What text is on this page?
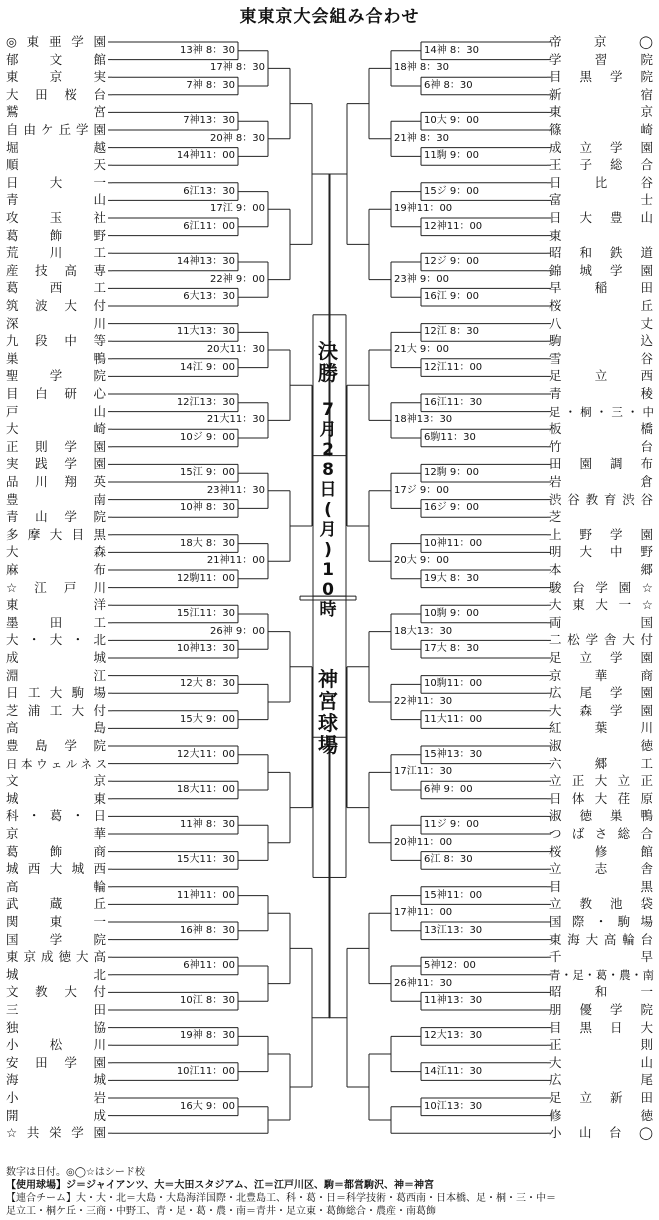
東東京大会組み合わせ
◎東亜学園
郁文館
東京実
大田桜台
鷲宮
自由ケ丘学園
堀越
順天
日大一
青山
攻玉社
葛飾野
荒川工
産技高専
葛西工
筑波大付
深川
九段中等
巣鴨
聖学院
目白研心
戸山
大崎
正則学園
実践学園
品川翔英
豊南
青山学院
多摩大目黒
大森
麻布
☆江戸川
東洋
墨田工
大・大・北
成城
淵江
日工大駒場
芝浦工大付
高島
豊島学院
日本ウェルネス
文京
城東
科・葛・日
京華
葛飾商
城西大城西
高輪
武蔵丘
関東一
国学院
東京成徳大高
城北
文教大付
三田
独協
小松川
安田学園
海城
小岩
開成
☆共栄学園
帝京◯
学習院
目黒学院
新宿
東京
篠崎
成立学園
王子総合
日比谷
富士
日大豊山
東
昭和鉄道
錦城学園
早稲田
桜丘
八丈
駒込
雪谷
足立西
青稜
足・桐・三・中
板橋
竹台
田園調布
岩倉
渋谷教育渋谷
芝
上野学園
明大中野
本郷
駿台学園☆
大東大一☆
両国
二松学舎大付
足立学園
京華商
広尾学園
大森学園
紅葉川
淑徳
六郷工
立正大立正
日体大荏原
淑徳巣鴨
つばさ総合
桜修館
立志舎
目黒
立教池袋
国際・駒場
東海大高輪台
千早
青・足・葛・農・南
昭和一
朋優学院
目黒日大
正則
大山
広尾
足立新田
修徳
小山台◯
13神 8：30
7神 8：30
7神13：30
14神11：00
6江13：30
6江11：00
14神13：30
6大13：30
11大13：30
14江 9：00
12江13：30
10ジ 9：00
15江 9：00
10神 8：30
18大 8：30
12駒11：00
15江11：30
10神13：30
12大 8：30
15大 9：00
12大11：00
18大11：00
11神 8：30
15大11：30
11神11：00
16神 8：30
6神11：00
10江 8：30
19神 8：30
10江11：00
16大 9：00
17神 8：30
20神 8：30
17江 9：00
22神 9：00
20大11：30
21大11：30
23神11：30
21神11：00
26神 9：00
14神 8：30
6神 8：30
10大 9：00
11駒 9：00
15ジ 9：00
12神11：00
12ジ 9：00
16江 9：00
12江 8：30
12江11：00
16江11：30
6駒11：30
12駒 9：00
16ジ 9：00
10神11：00
19大 8：30
10駒 9：00
17大 8：30
10駒11：00
11大11：00
15神13：30
6神 9：00
11ジ 9：00
6江 8：30
15神11：00
13江13：30
5神12：00
11神13：30
12大13：30
14江11：30
10江13：30
18神 8：30
21神 8：30
19神11：00
23神 9：00
21大 9：00
18神13：30
17ジ 9：00
20大 9：00
18大13：30
22神11：30
17江11：30
20神11：00
17神11：00
26神11：30
決
勝
7
月
2
8
日
(
月
)
1
0
時
神
宮
球
場
数字は日付。◎◯☆はシード校
【使用球場】ジ＝ジャイアンツ、大＝大田スタジアム、江＝江戸川区、駒＝都営駒沢、神＝神宮
【連合チーム】大・大・北＝大島・大島海洋国際・北豊島工、科・葛・日＝科学技術・葛西南・日本橋、足・桐・三・中＝
足立工・桐ケ丘・三商・中野工、青・足・葛・農・南＝青井・足立東・葛飾総合・農産・南葛飾
